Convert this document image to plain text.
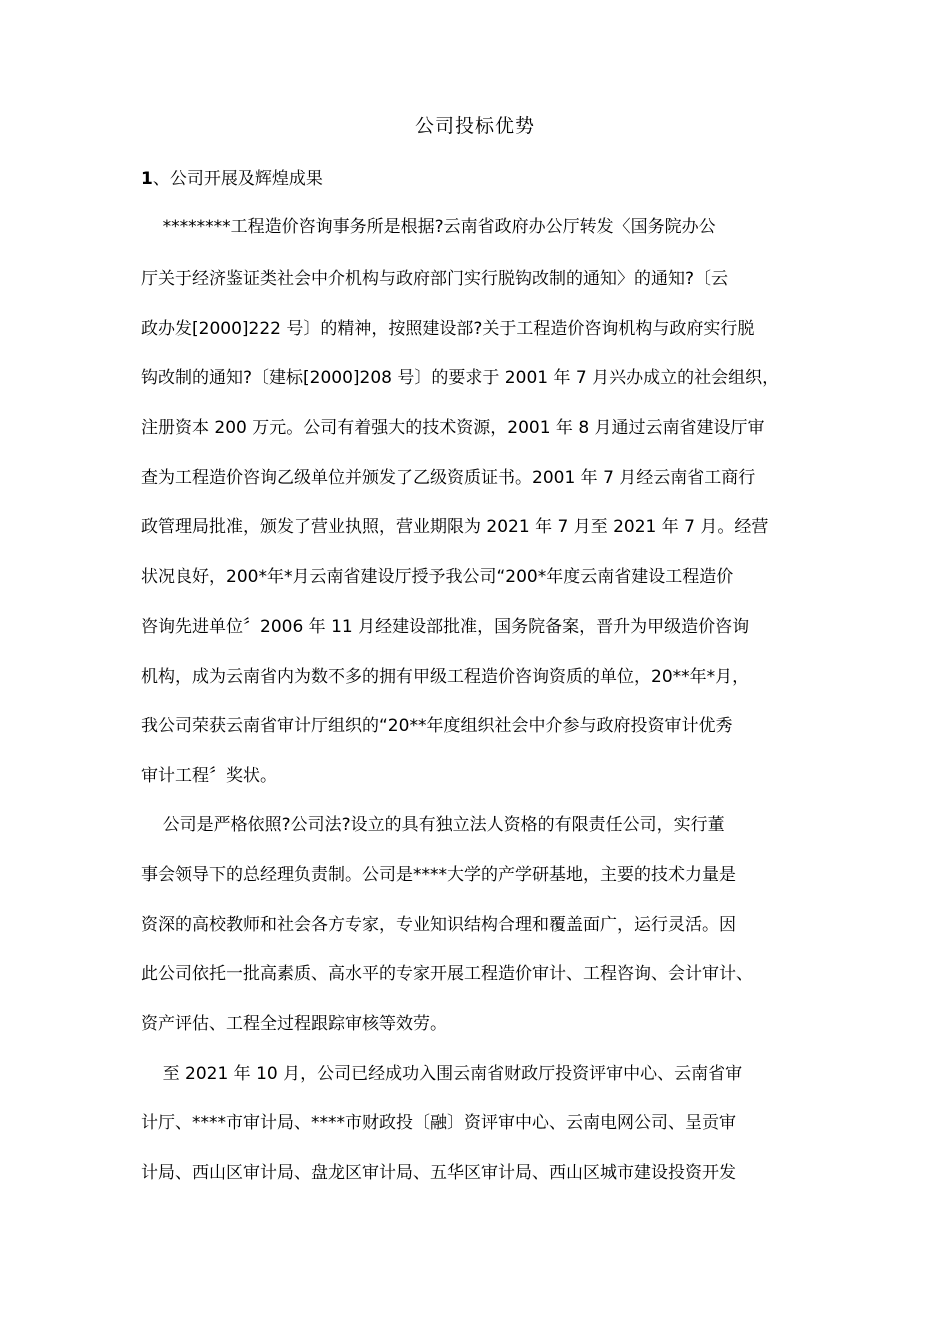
公司投标优势
1、公司开展及辉煌成果
********工程造价咨询事务所是根据?云南省政府办公厅转发〈国务院办公
厅关于经济鉴证类社会中介机构与政府部门实行脱钩改制的通知〉的通知?〔云
政办发[2000]222 号〕的精神，按照建设部?关于工程造价咨询机构与政府实行脱
钩改制的通知?〔建标[2000]208 号〕的要求于 2001 年 7 月兴办成立的社会组织，
注册资本 200 万元。公司有着强大的技术资源，2001 年 8 月通过云南省建设厅审
查为工程造价咨询乙级单位并颁发了乙级资质证书。2001 年 7 月经云南省工商行
政管理局批准，颁发了营业执照，营业期限为 2021 年 7 月至 2021 年 7 月。经营
状况良好，200*年*月云南省建设厅授予我公司“200*年度云南省建设工程造价
咨询先进单位〞2006 年 11 月经建设部批准，国务院备案，晋升为甲级造价咨询
机构，成为云南省内为数不多的拥有甲级工程造价咨询资质的单位，20**年*月，
我公司荣获云南省审计厅组织的“20**年度组织社会中介参与政府投资审计优秀
审计工程〞奖状。
公司是严格依照?公司法?设立的具有独立法人资格的有限责任公司，实行董
事会领导下的总经理负责制。公司是****大学的产学研基地，主要的技术力量是
资深的高校教师和社会各方专家，专业知识结构合理和覆盖面广，运行灵活。因
此公司依托一批高素质、高水平的专家开展工程造价审计、工程咨询、会计审计、
资产评估、工程全过程跟踪审核等效劳。
至 2021 年 10 月，公司已经成功入围云南省财政厅投资评审中心、云南省审
计厅、****市审计局、****市财政投〔融〕资评审中心、云南电网公司、呈贡审
计局、西山区审计局、盘龙区审计局、五华区审计局、西山区城市建设投资开发
